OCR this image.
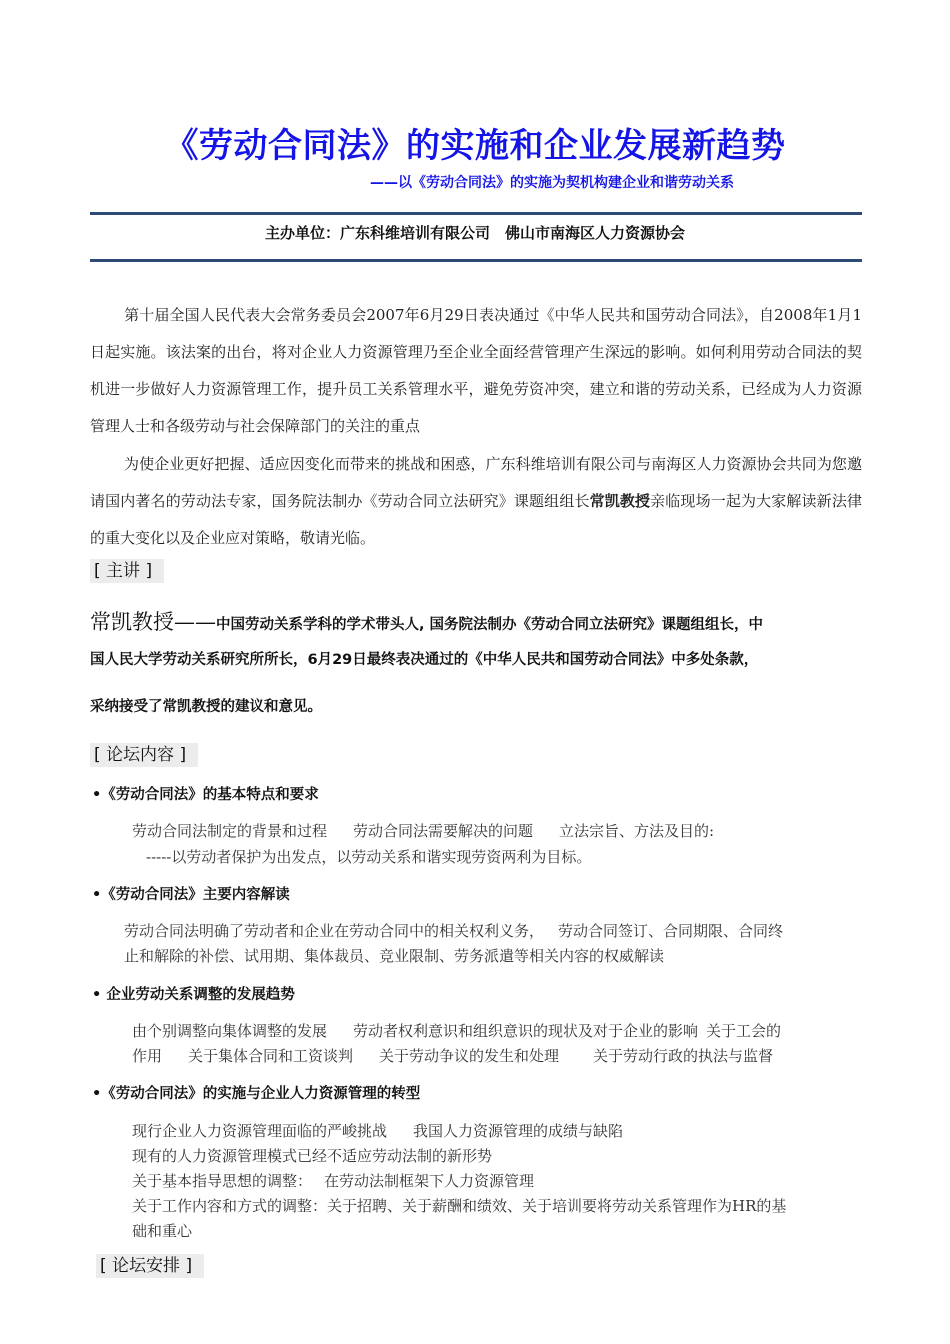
《劳动合同法》的实施和企业发展新趋势
——以《劳动合同法》的实施为契机构建企业和谐劳动关系
主办单位：广东科维培训有限公司　佛山市南海区人力资源协会
第十届全国人民代表大会常务委员会2007年6月29日表决通过《中华人民共和国劳动合同法》，自2008年1月1日起实施。该法案的出台，将对企业人力资源管理乃至企业全面经营管理产生深远的影响。如何利用劳动合同法的契机进一步做好人力资源管理工作，提升员工关系管理水平，避免劳资冲突，建立和谐的劳动关系，已经成为人力资源管理人士和各级劳动与社会保障部门的关注的重点
为使企业更好把握、适应因变化而带来的挑战和困惑，广东科维培训有限公司与南海区人力资源协会共同为您邀请国内著名的劳动法专家，国务院法制办《劳动合同立法研究》课题组组长常凯教授亲临现场一起为大家解读新法律的重大变化以及企业应对策略，敬请光临。
[ 主讲 ]
常凯教授——中国劳动关系学科的学术带头人, 国务院法制办《劳动合同立法研究》课题组组长，中
国人民大学劳动关系研究所所长，6月29日最终表决通过的《中华人民共和国劳动合同法》中多处条款，
采纳接受了常凯教授的建议和意见。
[ 论坛内容 ]
•《劳动合同法》的基本特点和要求
劳动合同法制定的背景和过程 劳动合同法需要解决的问题 立法宗旨、方法及目的:
-----以劳动者保护为出发点，以劳动关系和谐实现劳资两利为目标。
•《劳动合同法》主要内容解读
劳动合同法明确了劳动者和企业在劳动合同中的相关权利义务， 劳动合同签订、合同期限、合同终
止和解除的补偿、试用期、集体裁员、竞业限制、劳务派遣等相关内容的权威解读
• 企业劳动关系调整的发展趋势
由个别调整向集体调整的发展 劳动者权利意识和组织意识的现状及对于企业的影响 关于工会的
作用 关于集体合同和工资谈判 关于劳动争议的发生和处理 关于劳动行政的执法与监督
•《劳动合同法》的实施与企业人力资源管理的转型
现行企业人力资源管理面临的严峻挑战 我国人力资源管理的成绩与缺陷
现有的人力资源管理模式已经不适应劳动法制的新形势
关于基本指导思想的调整： 在劳动法制框架下人力资源管理
关于工作内容和方式的调整：关于招聘、关于薪酬和绩效、关于培训要将劳动关系管理作为HR的基
础和重心
[ 论坛安排 ]
